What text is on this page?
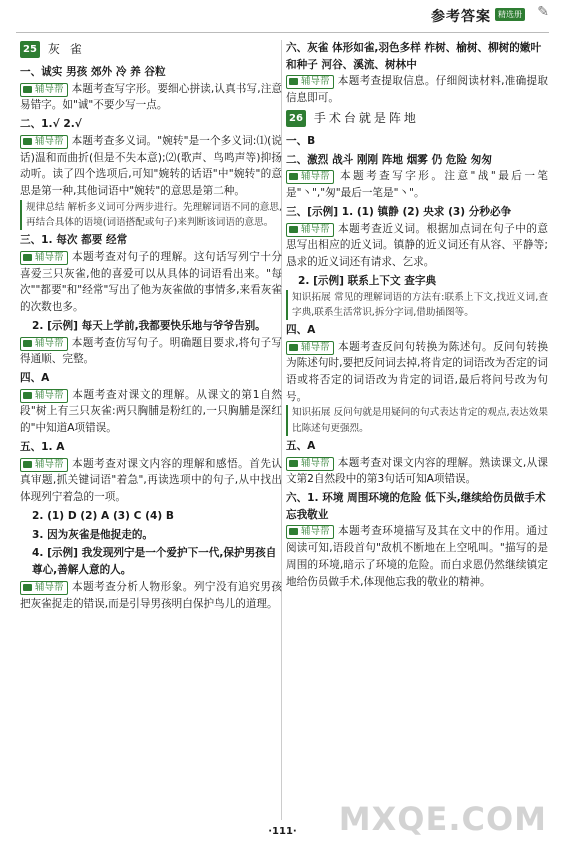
参考答案 精选册 ✎
25 灰 雀
一、诚实 男孩 郊外 冷 养 谷粒
辅导帮 本题考查写字形。要细心拼读,认真书写,注意易错字。如"诚"不要少写一点。
二、1.√ 2.√
辅导帮 本题考查多义词。"婉转"是一个多义词:⑴(说话)温和而曲折(但是不失本意);⑵(歌声、鸟鸣声等)抑扬动听。读了四个选项后,可知"婉转的话语"中"婉转"的意思是第一种,其他词语中"婉转"的意思是第二种。
规律总结 解析多义词可分两步进行。先理解词语不同的意思,再结合具体的语境(词语搭配或句子)来判断该词语的意思。
三、1. 每次 都要 经常
辅导帮 本题考查对句子的理解。这句话写列宁十分喜爱三只灰雀,他的喜爱可以从具体的词语看出来。"每次""都要"和"经常"写出了他为灰雀做的事情多,来看灰雀的次数也多。
2. [示例] 每天上学前,我都要快乐地与爷爷告别。
辅导帮 本题考查仿写句子。明确题目要求,将句子写得通顺、完整。
四、A
辅导帮 本题考查对课文的理解。从课文的第1自然段"树上有三只灰雀:两只胸脯是粉红的,一只胸脯是深红的"中知道A项错误。
五、1. A
辅导帮 本题考查对课文内容的理解和感悟。首先认真审题,抓关键词语"着急",再读选项中的句子,从中找出体现列宁着急的一项。
2. (1) D (2) A (3) C (4) B
3. 因为灰雀是他捉走的。
4. [示例] 我发现列宁是一个爱护下一代,保护男孩自尊心,善解人意的人。
辅导帮 本题考查分析人物形象。列宁没有追究男孩把灰雀捉走的错误,而是引导男孩明白保护鸟儿的道理。
六、灰雀 体形如雀,羽色多样 柞树、榆树、柳树的嫩叶和种子 河谷、溪流、树林中
辅导帮 本题考查提取信息。仔细阅读材料,准确提取信息即可。
26 手术台就是阵地
一、B
二、激烈 战斗 刚刚 阵地 烟雾 仍 危险 匆匆
辅导帮 本题考查写字形。注意"战"最后一笔是"丶","匆"最后一笔是"丶"。
三、[示例] 1. (1) 镇静 (2) 央求 (3) 分秒必争
辅导帮 本题考查近义词。根据加点词在句子中的意思写出相应的近义词。镇静的近义词还有从容、平静等;恳求的近义词还有请求、乞求。
2. [示例] 联系上下文 查字典
知识拓展 常见的理解词语的方法有:联系上下文,找近义词,查字典,联系生活常识,拆分字词,借助插图等。
四、A
辅导帮 本题考查反问句转换为陈述句。反问句转换为陈述句时,要把反问词去掉,将肯定的词语改为否定的词语或将否定的词语改为肯定的词语,最后将问号改为句号。
知识拓展 反问句就是用疑问的句式表达肯定的观点,表达效果比陈述句更强烈。
五、A
辅导帮 本题考查对课文内容的理解。熟读课文,从课文第2自然段中的第3句话可知A项错误。
六、1. 环境 周围环境的危险 低下头,继续给伤员做手术 忘我敬业
辅导帮 本题考查环境描写及其在文中的作用。通过阅读可知,语段首句"敌机不断地在上空吼叫。"描写的是周围的环境,暗示了环境的危险。而白求恩仍然继续镇定地给伤员做手术,体现他忘我的敬业的精神。
·111·	MXQE.COM
